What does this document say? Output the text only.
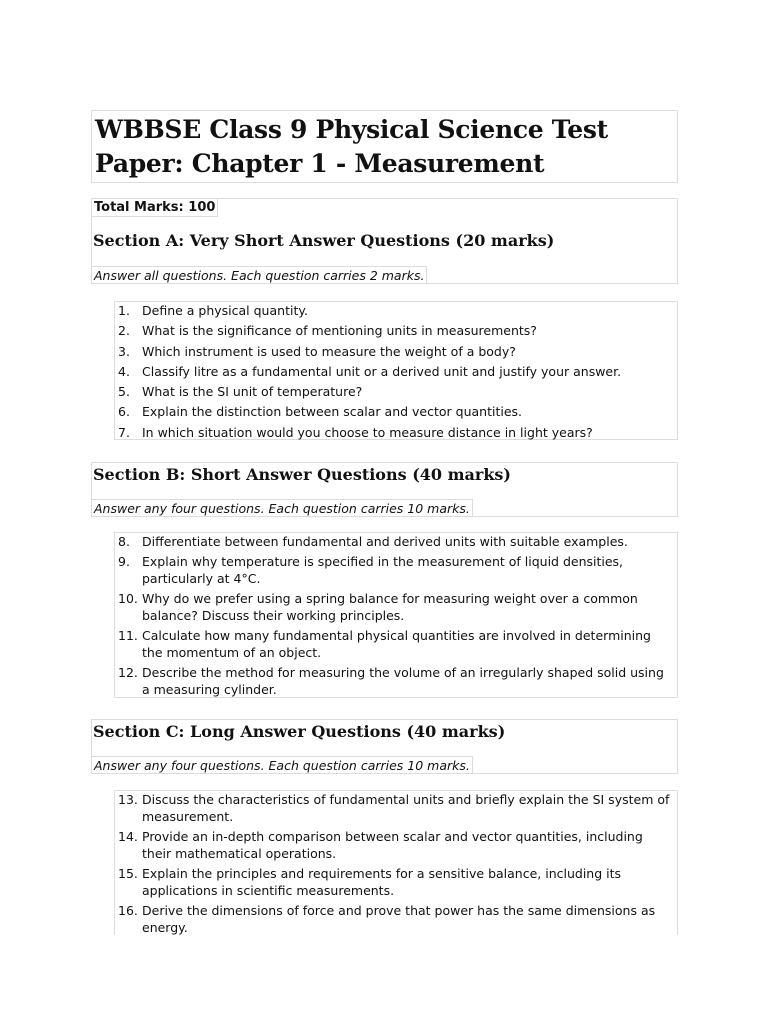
WBBSE Class 9 Physical Science Test Paper: Chapter 1 - Measurement
Total Marks: 100
Section A: Very Short Answer Questions (20 marks)
Answer all questions. Each question carries 2 marks.
1. Define a physical quantity.
2. What is the significance of mentioning units in measurements?
3. Which instrument is used to measure the weight of a body?
4. Classify litre as a fundamental unit or a derived unit and justify your answer.
5. What is the SI unit of temperature?
6. Explain the distinction between scalar and vector quantities.
7. In which situation would you choose to measure distance in light years?
Section B: Short Answer Questions (40 marks)
Answer any four questions. Each question carries 10 marks.
8. Differentiate between fundamental and derived units with suitable examples.
9. Explain why temperature is specified in the measurement of liquid densities, particularly at 4°C.
10. Why do we prefer using a spring balance for measuring weight over a common balance? Discuss their working principles.
11. Calculate how many fundamental physical quantities are involved in determining the momentum of an object.
12. Describe the method for measuring the volume of an irregularly shaped solid using a measuring cylinder.
Section C: Long Answer Questions (40 marks)
Answer any four questions. Each question carries 10 marks.
13. Discuss the characteristics of fundamental units and briefly explain the SI system of measurement.
14. Provide an in-depth comparison between scalar and vector quantities, including their mathematical operations.
15. Explain the principles and requirements for a sensitive balance, including its applications in scientific measurements.
16. Derive the dimensions of force and prove that power has the same dimensions as energy.
